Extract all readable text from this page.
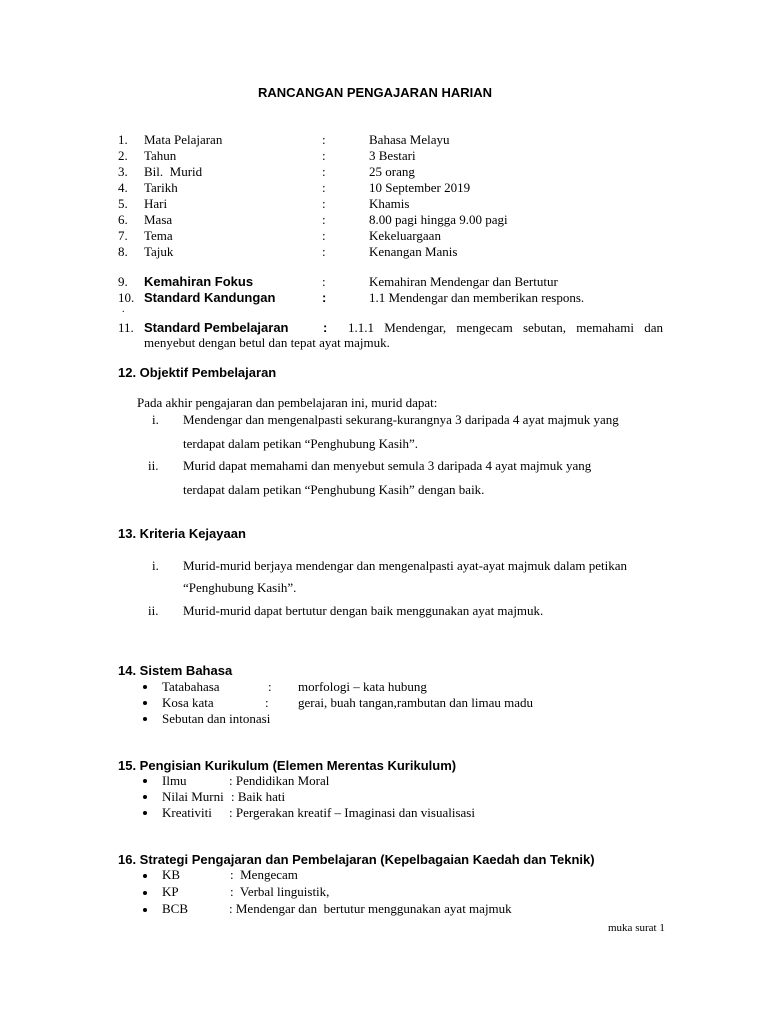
RANCANGAN PENGAJARAN HARIAN
1. Mata Pelajaran	:	Bahasa Melayu
2. Tahun	:	3 Bestari
3. Bil.  Murid	:	25 orang
4. Tarikh	:	10 September 2019
5. Hari	:	Khamis
6. Masa	:	8.00 pagi hingga 9.00 pagi
7. Tema	:	Kekeluargaan
8. Tajuk	:	Kenangan Manis
9. Kemahiran Fokus	:	Kemahiran Mendengar dan Bertutur
10. Standard Kandungan	:	1.1 Mendengar dan memberikan respons.
.
11. Standard Pembelajaran	: 1.1.1 Mendengar, mengecam sebutan, memahami dan
menyebut dengan betul dan tepat ayat majmuk.
12. Objektif Pembelajaran
Pada akhir pengajaran dan pembelajaran ini, murid dapat:
i. Mendengar dan mengenalpasti sekurang-kurangnya 3 daripada 4 ayat majmuk yang
terdapat dalam petikan “Penghubung Kasih”.
ii. Murid dapat memahami dan menyebut semula 3 daripada 4 ayat majmuk yang
terdapat dalam petikan “Penghubung Kasih” dengan baik.
13. Kriteria Kejayaan
i. Murid-murid berjaya mendengar dan mengenalpasti ayat-ayat majmuk dalam petikan
“Penghubung Kasih”.
ii. Murid-murid dapat bertutur dengan baik menggunakan ayat majmuk.
14. Sistem Bahasa
Tatabahasa	: morfologi – kata hubung
Kosa kata	: gerai, buah tangan,rambutan dan limau madu
Sebutan dan intonasi
15. Pengisian Kurikulum (Elemen Merentas Kurikulum)
Ilmu	: Pendidikan Moral
Nilai Murni : Baik hati
Kreativiti : Pergerakan kreatif – Imaginasi dan visualisasi
16. Strategi Pengajaran dan Pembelajaran (Kepelbagaian Kaedah dan Teknik)
KB	:  Mengecam
KP	:  Verbal linguistik,
BCB	: Mendengar dan  bertutur menggunakan ayat majmuk
muka surat 1
